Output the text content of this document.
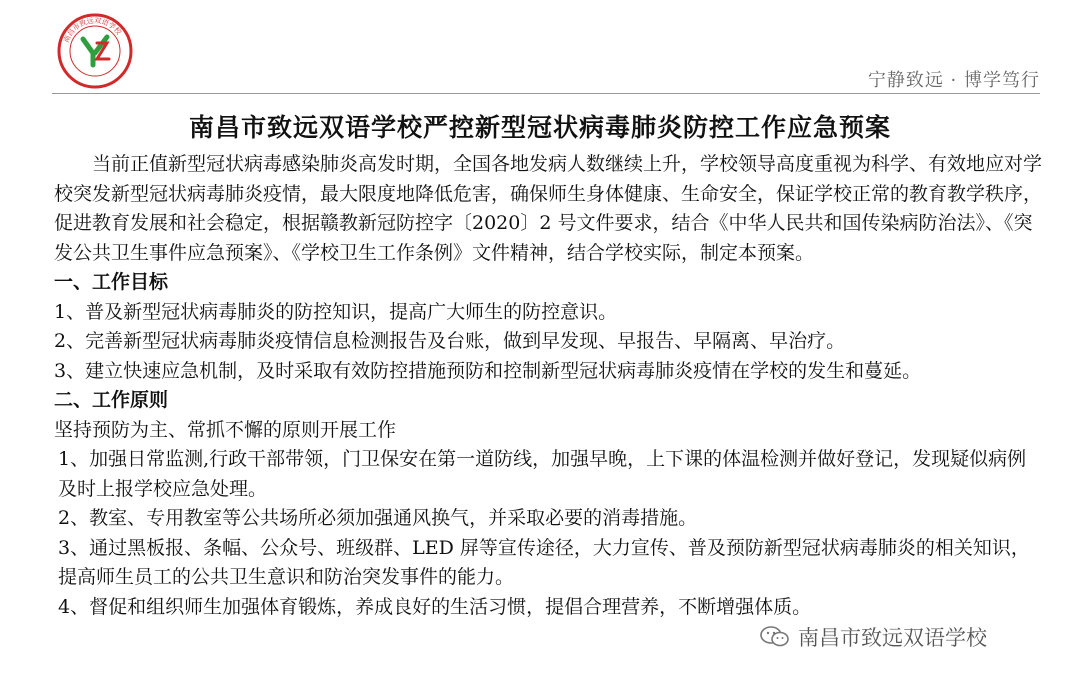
南昌市致远双语学校
宁静致远 · 博学笃行
南昌市致远双语学校严控新型冠状病毒肺炎防控工作应急预案

当前正值新型冠状病毒感染肺炎高发时期，全国各地发病人数继续上升，学校领导高度重视为科学、有效地应对学校突发新型冠状病毒肺炎疫情，最大限度地降低危害，确保师生身体健康、生命安全，保证学校正常的教育教学秩序，促进教育发展和社会稳定，根据赣教新冠防控字〔2020〕2 号文件要求，结合《中华人民共和国传染病防治法》、《突发公共卫生事件应急预案》、《学校卫生工作条例》文件精神，结合学校实际，制定本预案。

一、工作目标

1、普及新型冠状病毒肺炎的防控知识，提高广大师生的防控意识。

2、完善新型冠状病毒肺炎疫情信息检测报告及台账，做到早发现、早报告、早隔离、早治疗。

3、建立快速应急机制，及时采取有效防控措施预防和控制新型冠状病毒肺炎疫情在学校的发生和蔓延。

二、工作原则

坚持预防为主、常抓不懈的原则开展工作

1、加强日常监测,行政干部带领，门卫保安在第一道防线，加强早晚，上下课的体温检测并做好登记，发现疑似病例及时上报学校应急处理。

2、教室、专用教室等公共场所必须加强通风换气，并采取必要的消毒措施。

3、通过黑板报、条幅、公众号、班级群、LED 屏等宣传途径，大力宣传、普及预防新型冠状病毒肺炎的相关知识，提高师生员工的公共卫生意识和防治突发事件的能力。

4、督促和组织师生加强体育锻炼，养成良好的生活习惯，提倡合理营养，不断增强体质。

南昌市致远双语学校
